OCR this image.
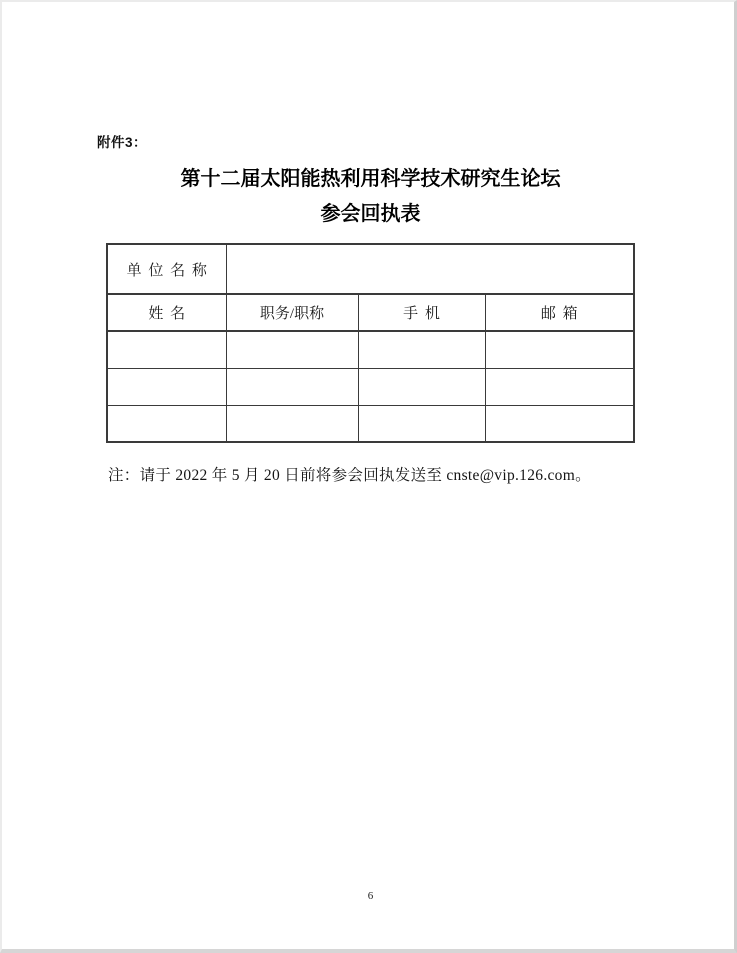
附件3：
第十二届太阳能热利用科学技术研究生论坛
参会回执表
单位名称			
姓名	职务/职称	手机	邮箱

注：请于 2022 年 5 月 20 日前将参会回执发送至 cnste@vip.126.com。
6
